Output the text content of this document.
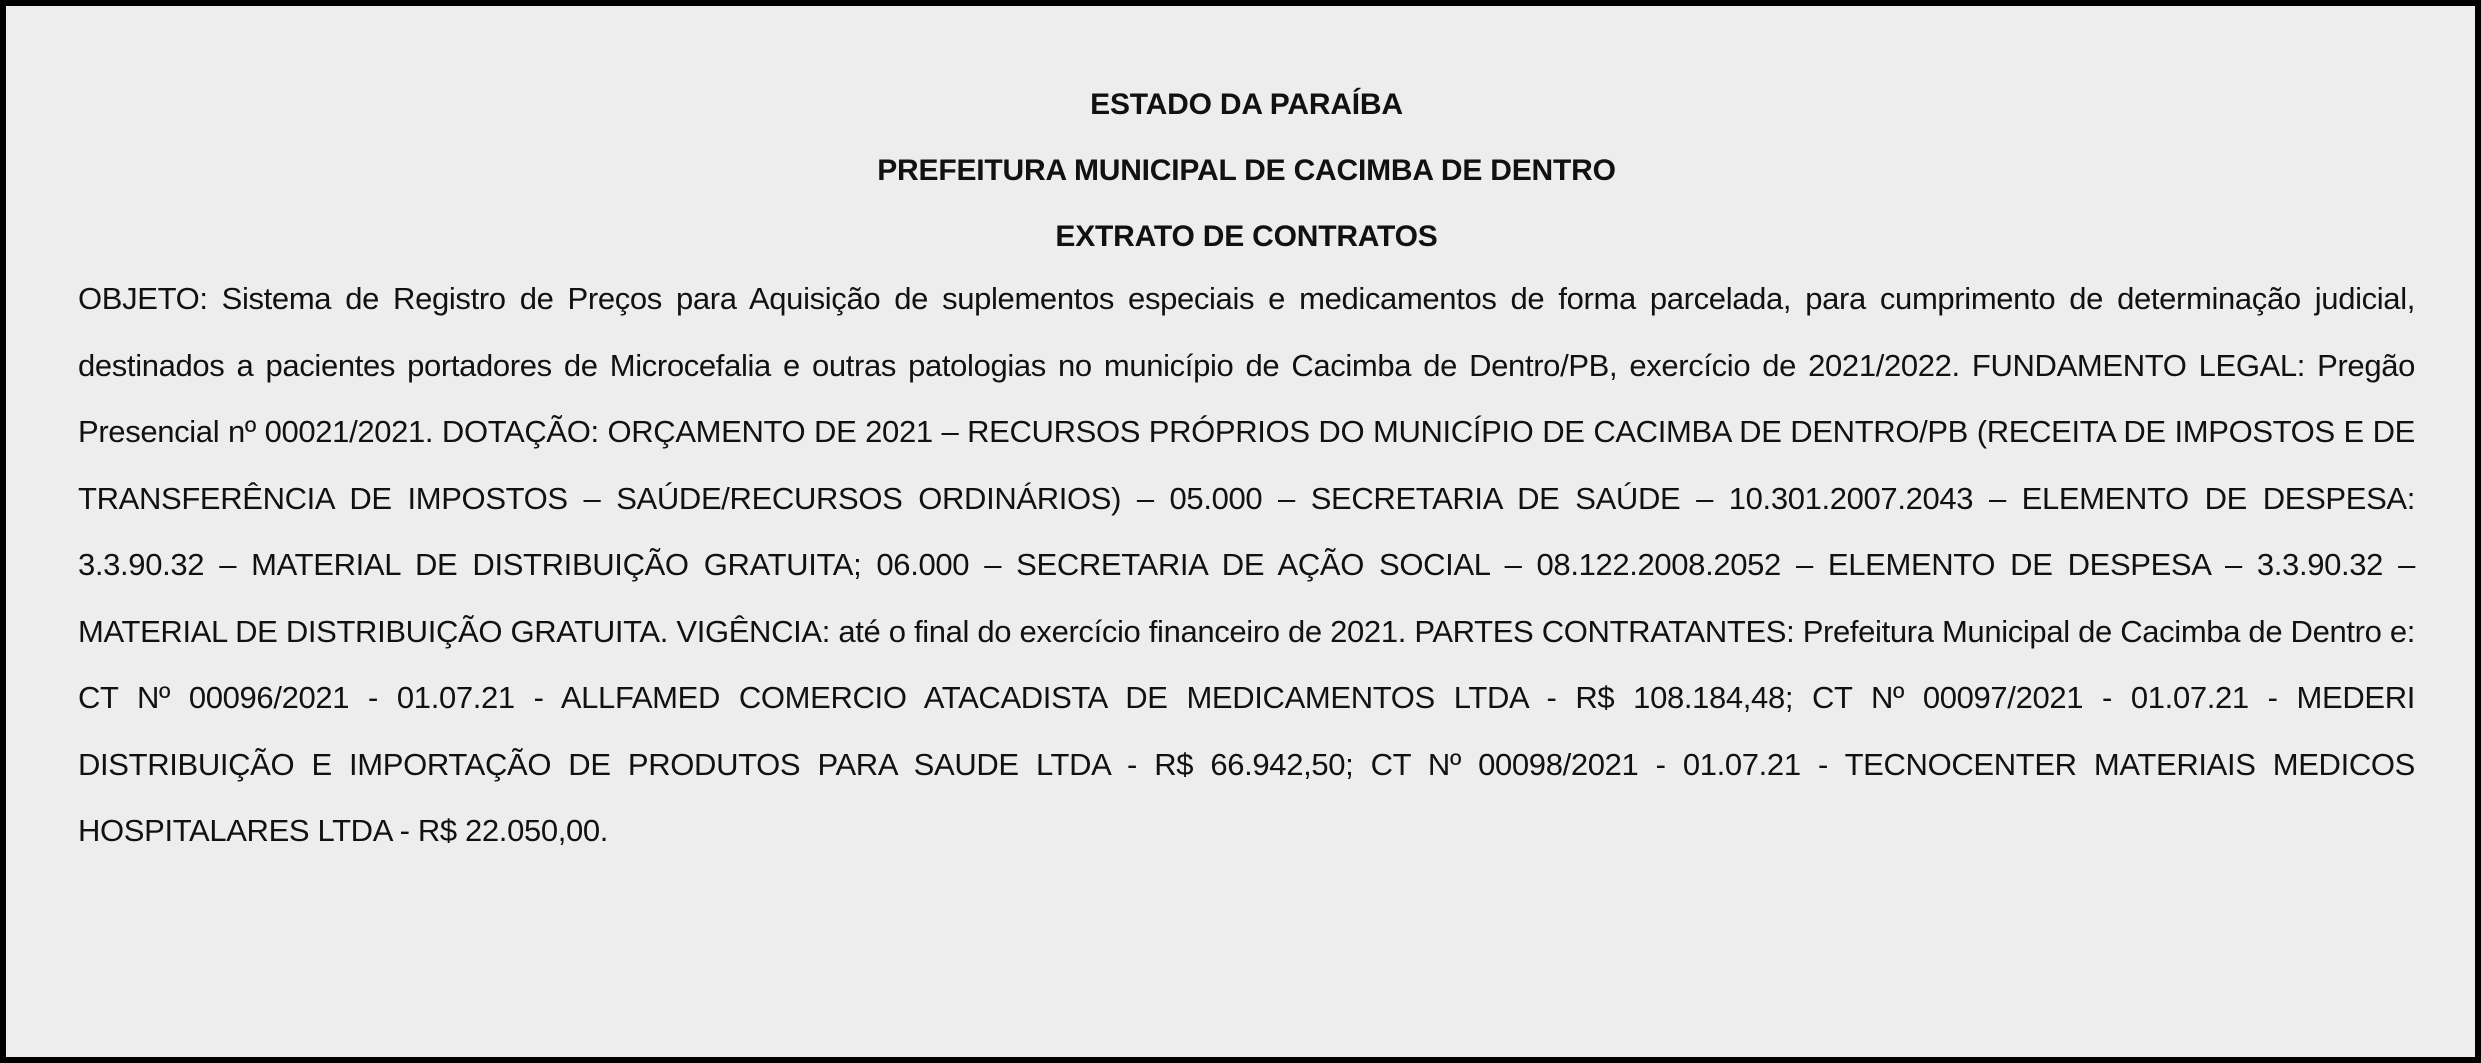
ESTADO DA PARAÍBA
PREFEITURA MUNICIPAL DE CACIMBA DE DENTRO
EXTRATO DE CONTRATOS
OBJETO: Sistema de Registro de Preços para Aquisição de suplementos especiais e medicamentos de forma parcelada, para cumprimento de determinação judicial, destinados a pacientes portadores de Microcefalia e outras patologias no município de Cacimba de Dentro/PB, exercício de 2021/2022. FUNDAMENTO LEGAL: Pregão Presencial nº 00021/2021. DOTAÇÃO: ORÇAMENTO DE 2021 – RECURSOS PRÓPRIOS DO MUNICÍPIO DE CACIMBA DE DENTRO/PB (RECEITA DE IMPOSTOS E DE TRANSFERÊNCIA DE IMPOSTOS – SAÚDE/RECURSOS ORDINÁRIOS) – 05.000 – SECRETARIA DE SAÚDE – 10.301.2007.2043 – ELEMENTO DE DESPESA: 3.3.90.32 – MATERIAL DE DISTRIBUIÇÃO GRATUITA; 06.000 – SECRETARIA DE AÇÃO SOCIAL – 08.122.2008.2052 – ELEMENTO DE DESPESA – 3.3.90.32 – MATERIAL DE DISTRIBUIÇÃO GRATUITA. VIGÊNCIA: até o final do exercício financeiro de 2021. PARTES CONTRATANTES: Prefeitura Municipal de Cacimba de Dentro e: CT Nº 00096/2021 - 01.07.21 - ALLFAMED COMERCIO ATACADISTA DE MEDICAMENTOS LTDA - R$ 108.184,48; CT Nº 00097/2021 - 01.07.21 - MEDERI DISTRIBUIÇÃO E IMPORTAÇÃO DE PRODUTOS PARA SAUDE LTDA - R$ 66.942,50; CT Nº 00098/2021 - 01.07.21 - TECNOCENTER MATERIAIS MEDICOS HOSPITALARES LTDA - R$ 22.050,00.
